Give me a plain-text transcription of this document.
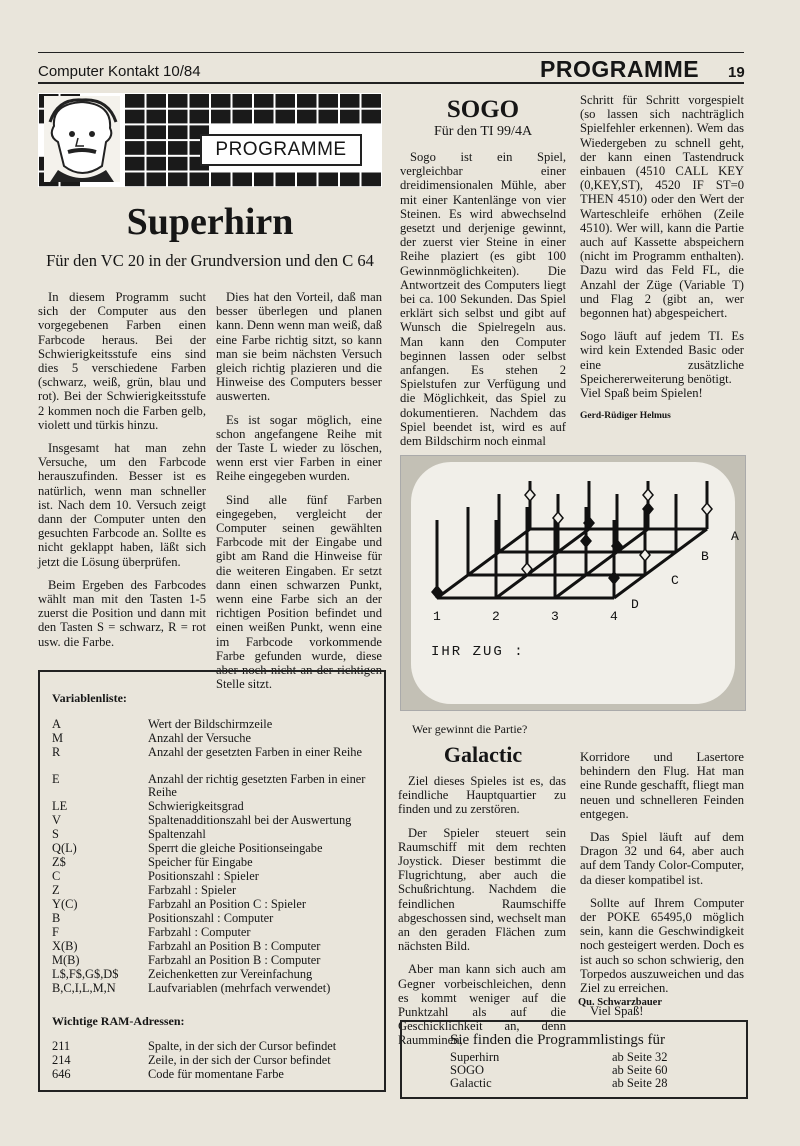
Computer Kontakt 10/84	PROGRAMME 19
PROGRAMME
Superhirn
Für den VC 20 in der Grundversion und den C 64

In diesem Programm sucht sich der Computer aus den vorgegebenen Farben einen Farbcode heraus. Bei der Schwierigkeitsstufe eins sind dies 5 verschiedene Farben (schwarz, weiß, grün, blau und rot). Bei der Schwierigkeitsstufe 2 kommen noch die Farben gelb, violett und türkis hinzu.

Insgesamt hat man zehn Versuche, um den Farbcode herauszufinden. Besser ist es natürlich, wenn man schneller ist. Nach dem 10. Versuch zeigt dann der Computer unten den gesuchten Farbcode an. Sollte es nicht geklappt haben, läßt sich jetzt die Lösung überprüfen.

Beim Ergeben des Farbcodes wählt man mit den Tasten 1-5 zuerst die Position und dann mit den Tasten S = schwarz, R = rot usw. die Farbe.

Dies hat den Vorteil, daß man besser überlegen und planen kann. Denn wenn man weiß, daß eine Farbe richtig sitzt, so kann man sie beim nächsten Versuch gleich richtig plazieren und die Hinweise des Computers besser auswerten.

Es ist sogar möglich, eine schon angefangene Reihe mit der Taste L wieder zu löschen, wenn erst vier Farben in einer Reihe eingegeben wurden.

Sind alle fünf Farben eingegeben, vergleicht der Computer seinen gewählten Farbcode mit der Eingabe und gibt am Rand die Hinweise für die weiteren Eingaben. Er setzt dann einen schwarzen Punkt, wenn eine Farbe sich an der richtigen Position befindet und einen weißen Punkt, wenn eine im Farbcode vorkommende Farbe gefunden wurde, diese aber noch nicht an der richtigen Stelle sitzt.

Variablenliste:
A	Wert der Bildschirmzeile
M	Anzahl der Versuche
R	Anzahl der gesetzten Farben in einer Reihe
E	Anzahl der richtig gesetzten Farben in einer Reihe
LE	Schwierigkeitsgrad
V	Spaltenadditionszahl bei der Auswertung
S	Spaltenzahl
Q(L)	Sperrt die gleiche Positionseingabe
Z$	Speicher für Eingabe
C	Positionszahl : Spieler
Z	Farbzahl : Spieler
Y(C)	Farbzahl an Position C : Spieler
B	Positionszahl : Computer
F	Farbzahl : Computer
X(B)	Farbzahl an Position B : Computer
M(B)	Farbzahl an Position B : Computer
L$,F$,G$,D$ Zeichenketten zur Vereinfachung
B,C,I,L,M,N	Laufvariablen (mehrfach verwendet)
Wichtige RAM-Adressen:
211	Spalte, in der sich der Cursor befindet
214	Zeile, in der sich der Cursor befindet
646	Code für momentane Farbe
SOGO
Für den TI 99/4A

Sogo ist ein Spiel, vergleichbar einer dreidimensionalen Mühle, aber mit einer Kantenlänge von vier Steinen. Es wird abwechselnd gesetzt und derjenige gewinnt, der zuerst vier Steine in einer Reihe plaziert (es gibt 100 Gewinnmöglichkeiten). Die Antwortzeit des Computers liegt bei ca. 100 Sekunden. Das Spiel erklärt sich selbst und gibt auf Wunsch die Spielregeln aus. Man kann den Computer beginnen lassen oder selbst anfangen. Es stehen 2 Spielstufen zur Verfügung und die Möglichkeit, das Spiel zu dokumentieren. Nachdem das Spiel beendet ist, wird es auf dem Bildschirm noch einmal

Schritt für Schritt vorgespielt (so lassen sich nachträglich Spielfehler erkennen). Wem das Wiedergeben zu schnell geht, der kann einen Tastendruck einbauen (4510 CALL KEY (0,KEY,ST), 4520 IF ST=0 THEN 4510) oder den Wert der Warteschleife erhöhen (Zeile 4510). Wer will, kann die Partie auch auf Kassette abspeichern (nicht im Programm enthalten). Dazu wird das Feld FL, die Anzahl der Züge (Variable T) und Flag 2 (gibt an, wer begonnen hat) abgespeichert.

Sogo läuft auf jedem TI. Es wird kein Extended Basic oder eine zusätzliche Speichererweiterung benötigt.

Viel Spaß beim Spielen!

Gerd-Rüdiger Helmus
1	2	3	4
A
B
C
D
IHR ZUG :
Wer gewinnt die Partie?
Galactic

Ziel dieses Spieles ist es, das feindliche Hauptquartier zu finden und zu zerstören.

Der Spieler steuert sein Raumschiff mit dem rechten Joystick. Dieser bestimmt die Flugrichtung, aber auch die Schußrichtung. Nachdem die feindlichen Raumschiffe abgeschossen sind, wechselt man an den geraden Flächen zum nächsten Bild.

Aber man kann sich auch am Gegner vorbeischleichen, denn es kommt weniger auf die Punktzahl als auf die Geschicklichkeit an, denn Raumminen,

Korridore und Lasertore behindern den Flug. Hat man eine Runde geschafft, fliegt man neuen und schnelleren Feinden entgegen.

Das Spiel läuft auf dem Dragon 32 und 64, aber auch auf dem Tandy Color-Computer, da dieser kompatibel ist.

Sollte auf Ihrem Computer der POKE 65495,0 möglich sein, kann die Geschwindigkeit noch gesteigert werden. Doch es ist auch so schon schwierig, den Torpedos auszuweichen und das Ziel zu erreichen.

Viel Spaß!

Qu. Schwarzbauer
Sie finden die Programmlistings für
Superhirn	ab Seite 32
SOGO	ab Seite 60
Galactic	ab Seite 28
